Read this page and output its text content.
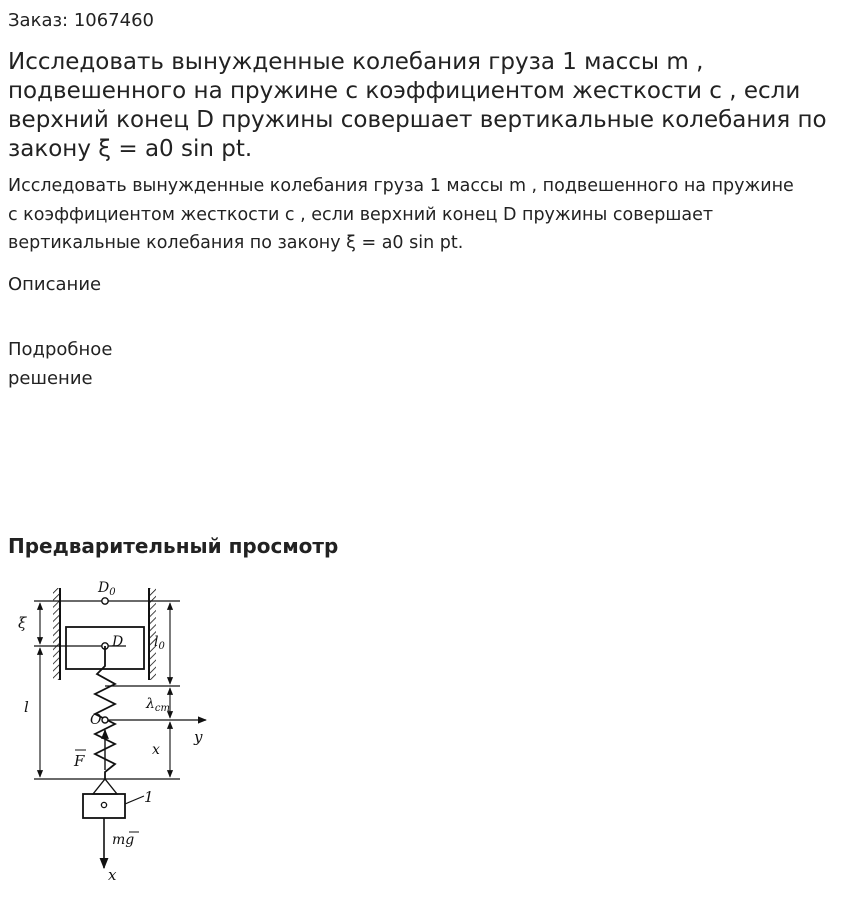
Заказ: 1067460
Исследовать вынужденные колебания груза 1 массы m , подвешенного на пружине с коэффициентом жесткости c , если верхний конец D пружины совершает вертикальные колебания по закону ξ = a0 sin pt.

Исследовать вынужденные колебания груза 1 массы m , подвешенного на пружине с коэффициентом жесткости c , если верхний конец D пружины совершает вертикальные колебания по закону ξ = a0 sin pt.

Описание
Подробное решение
Предварительный просмотр
$D_0$
D
ξ
l
$l_0$
$\lambda_{ст}$
O
x
y
F
1
mg
x
